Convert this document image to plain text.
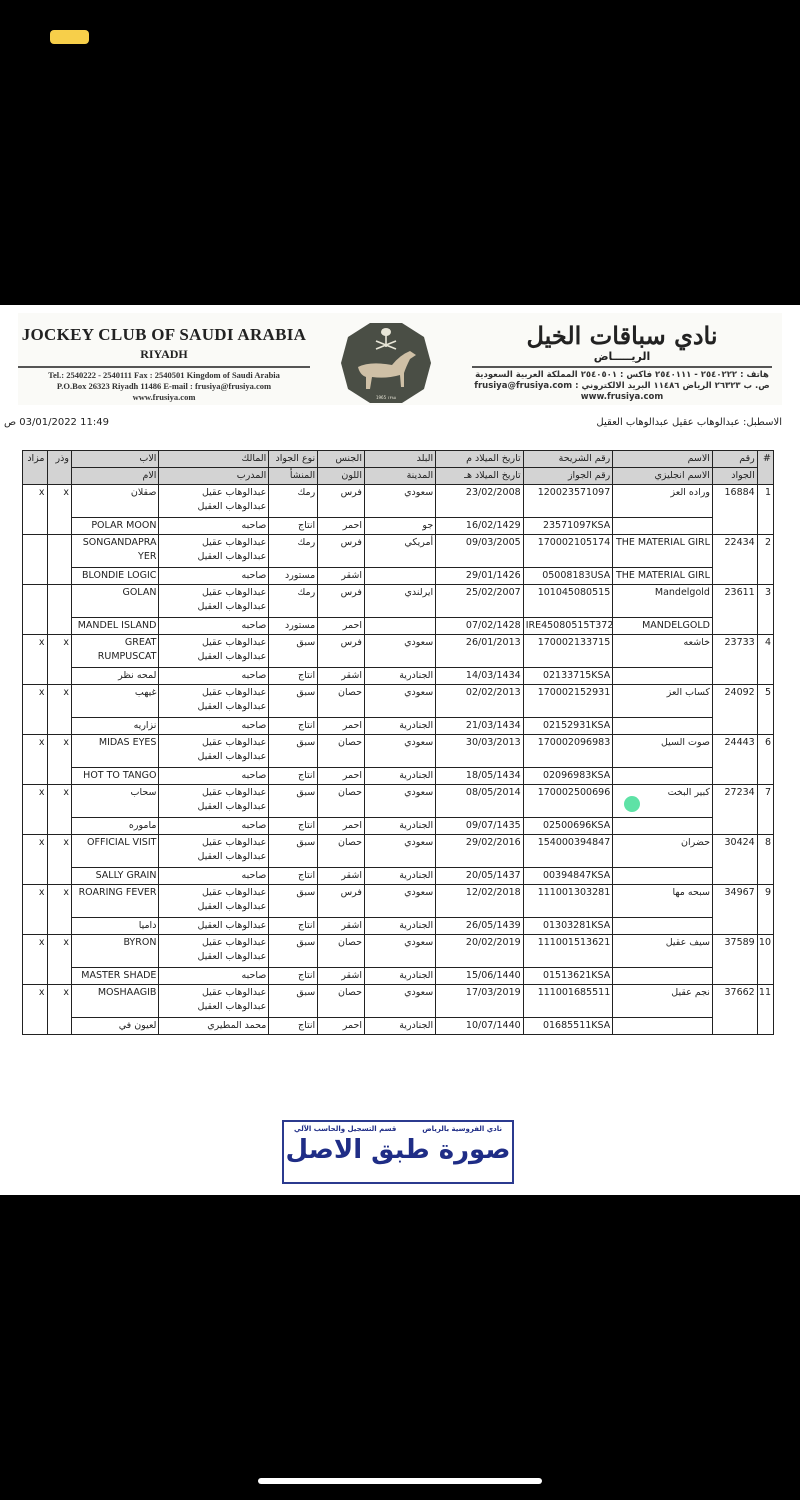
JOCKEY CLUB OF SAUDI ARABIA
RIYADH
Tel.: 2540222 - 2540111 Fax : 2540501 Kingdom of Saudi Arabia
P.O.Box 26323 Riyadh 11486 E-mail : frusiya@frusiya.com
www.frusiya.com	1965 ١٣٨٥
نادي سباقات الخيل
الريـــــاض
هاتف : ٢٥٤٠٢٢٢ - ٢٥٤٠١١١ فاكس : ٢٥٤٠٥٠١ المملكة العربية السعودية
ص. ب ٢٦٣٢٣ الرياض ١١٤٨٦ البريد الالكتروني : frusiya@frusiya.com
www.frusiya.com
11:49 03/01/2022 ص	الاسطبل: عبدالوهاب عقيل عبدالوهاب العقيل
#	رقم	الاسم	رقم الشريحة	تاريخ الميلاد م	البلد	الجنس	نوع الجواد	المالك	الاب	وذر	مزاد
	الجواد	الاسم انجليزي	رقم الجواز	تاريخ الميلاد هـ	المدينة	اللون	المنشأ	المدرب	الام		
1	16884	وراده العز	120023571097	23/02/2008	سعودي	فرس	رمك	عبدالوهاب عقيل عبدالوهاب العقيل	صقلان	x	x
			23571097KSA	16/02/1429	جو	احمر	انتاج	صاحبه	POLAR MOON		
2	22434	THE MATERIAL GIRL	170002105174	09/03/2005	أمريكي	فرس	رمك	عبدالوهاب عقيل عبدالوهاب العقيل	SONGANDAPRA YER		
		THE MATERIAL GIRL	05008183USA	29/01/1426		اشقر	مستورد	صاحبه	BLONDIE LOGIC		
3	23611	Mandelgold	101045080515	25/02/2007	ايرلندي	فرس	رمك	عبدالوهاب عقيل عبدالوهاب العقيل	GOLAN		
		MANDELGOLD	IRE45080515T372	07/02/1428		احمر	مستورد	صاحبه	MANDEL ISLAND		
4	23733	خاشعه	170002133715	26/01/2013	سعودي	فرس	سبق	عبدالوهاب عقيل عبدالوهاب العقيل	GREAT RUMPUSCAT	x	x
			02133715KSA	14/03/1434	الجنادرية	اشقر	انتاج	صاحبه	لمحه نظر		
5	24092	كساب العز	170002152931	02/02/2013	سعودي	حصان	سبق	عبدالوهاب عقيل عبدالوهاب العقيل	غيهب	x	x
			02152931KSA	21/03/1434	الجنادرية	احمر	انتاج	صاحبه	نزاريه		
6	24443	صوت السيل	170002096983	30/03/2013	سعودي	حصان	سبق	عبدالوهاب عقيل عبدالوهاب العقيل	MIDAS EYES	x	x
			02096983KSA	18/05/1434	الجنادرية	احمر	انتاج	صاحبه	HOT TO TANGO		
7	27234	كبير البخت	170002500696	08/05/2014	سعودي	حصان	سبق	عبدالوهاب عقيل عبدالوهاب العقيل	سحاب	x	x
			02500696KSA	09/07/1435	الجنادرية	احمر	انتاج	صاحبه	ماموره		
8	30424	حضران	154000394847	29/02/2016	سعودي	حصان	سبق	عبدالوهاب عقيل عبدالوهاب العقيل	OFFICIAL VISIT	x	x
			00394847KSA	20/05/1437	الجنادرية	اشقر	انتاج	صاحبه	SALLY GRAIN		
9	34967	سبحه مها	111001303281	12/02/2018	سعودي	فرس	سبق	عبدالوهاب عقيل عبدالوهاب العقيل	ROARING FEVER	x	x
			01303281KSA	26/05/1439	الجنادرية	اشقر	انتاج	عبدالوهاب العقيل	داميا		
10	37589	سيف عقيل	111001513621	20/02/2019	سعودي	حصان	سبق	عبدالوهاب عقيل عبدالوهاب العقيل	BYRON	x	x
			01513621KSA	15/06/1440	الجنادرية	اشقر	انتاج	صاحبه	MASTER SHADE		
11	37662	نجم عقيل	111001685511	17/03/2019	سعودي	حصان	سبق	عبدالوهاب عقيل عبدالوهاب العقيل	MOSHAAGIB	x	x
			01685511KSA	10/07/1440	الجنادرية	احمر	انتاج	محمد المطيري	لعيون في		
نادي الفروسية بالرياض
قسم التسجيل والحاسب الآلي
صورة طبق الاصل
